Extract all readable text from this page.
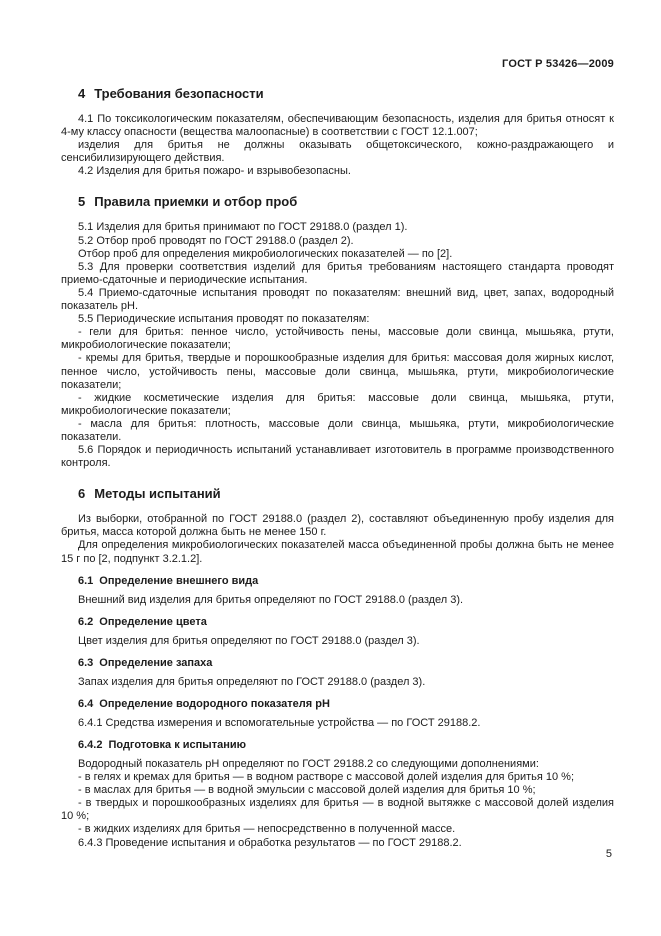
ГОСТ Р 53426—2009
4 Требования безопасности
4.1 По токсикологическим показателям, обеспечивающим безопасность, изделия для бритья относят к 4-му классу опасности (вещества малоопасные) в соответствии с ГОСТ 12.1.007;
изделия для бритья не должны оказывать общетоксического, кожно-раздражающего и сенсибилизирующего действия.
4.2 Изделия для бритья пожаро- и взрывобезопасны.
5 Правила приемки и отбор проб
5.1 Изделия для бритья принимают по ГОСТ 29188.0 (раздел 1).
5.2 Отбор проб проводят по ГОСТ 29188.0 (раздел 2).
Отбор проб для определения микробиологических показателей — по [2].
5.3 Для проверки соответствия изделий для бритья требованиям настоящего стандарта проводят приемо-сдаточные и периодические испытания.
5.4 Приемо-сдаточные испытания проводят по показателям: внешний вид, цвет, запах, водородный показатель pH.
5.5 Периодические испытания проводят по показателям:
- гели для бритья: пенное число, устойчивость пены, массовые доли свинца, мышьяка, ртути, микробиологические показатели;
- кремы для бритья, твердые и порошкообразные изделия для бритья: массовая доля жирных кислот, пенное число, устойчивость пены, массовые доли свинца, мышьяка, ртути, микробиологические показатели;
- жидкие косметические изделия для бритья: массовые доли свинца, мышьяка, ртути, микробиологические показатели;
- масла для бритья: плотность, массовые доли свинца, мышьяка, ртути, микробиологические показатели.
5.6 Порядок и периодичность испытаний устанавливает изготовитель в программе производственного контроля.
6 Методы испытаний
Из выборки, отобранной по ГОСТ 29188.0 (раздел 2), составляют объединенную пробу изделия для бритья, масса которой должна быть не менее 150 г.
Для определения микробиологических показателей масса объединенной пробы должна быть не менее 15 г по [2, подпункт 3.2.1.2].
6.1 Определение внешнего вида
Внешний вид изделия для бритья определяют по ГОСТ 29188.0 (раздел 3).
6.2 Определение цвета
Цвет изделия для бритья определяют по ГОСТ 29188.0 (раздел 3).
6.3 Определение запаха
Запах изделия для бритья определяют по ГОСТ 29188.0 (раздел 3).
6.4 Определение водородного показателя pH
6.4.1 Средства измерения и вспомогательные устройства — по ГОСТ 29188.2.
6.4.2 Подготовка к испытанию
Водородный показатель pH определяют по ГОСТ 29188.2 со следующими дополнениями:
- в гелях и кремах для бритья — в водном растворе с массовой долей изделия для бритья 10 %;
- в маслах для бритья — в водной эмульсии с массовой долей изделия для бритья 10 %;
- в твердых и порошкообразных изделиях для бритья — в водной вытяжке с массовой долей изделия 10 %;
- в жидких изделиях для бритья — непосредственно в полученной массе.
6.4.3 Проведение испытания и обработка результатов — по ГОСТ 29188.2.
5
